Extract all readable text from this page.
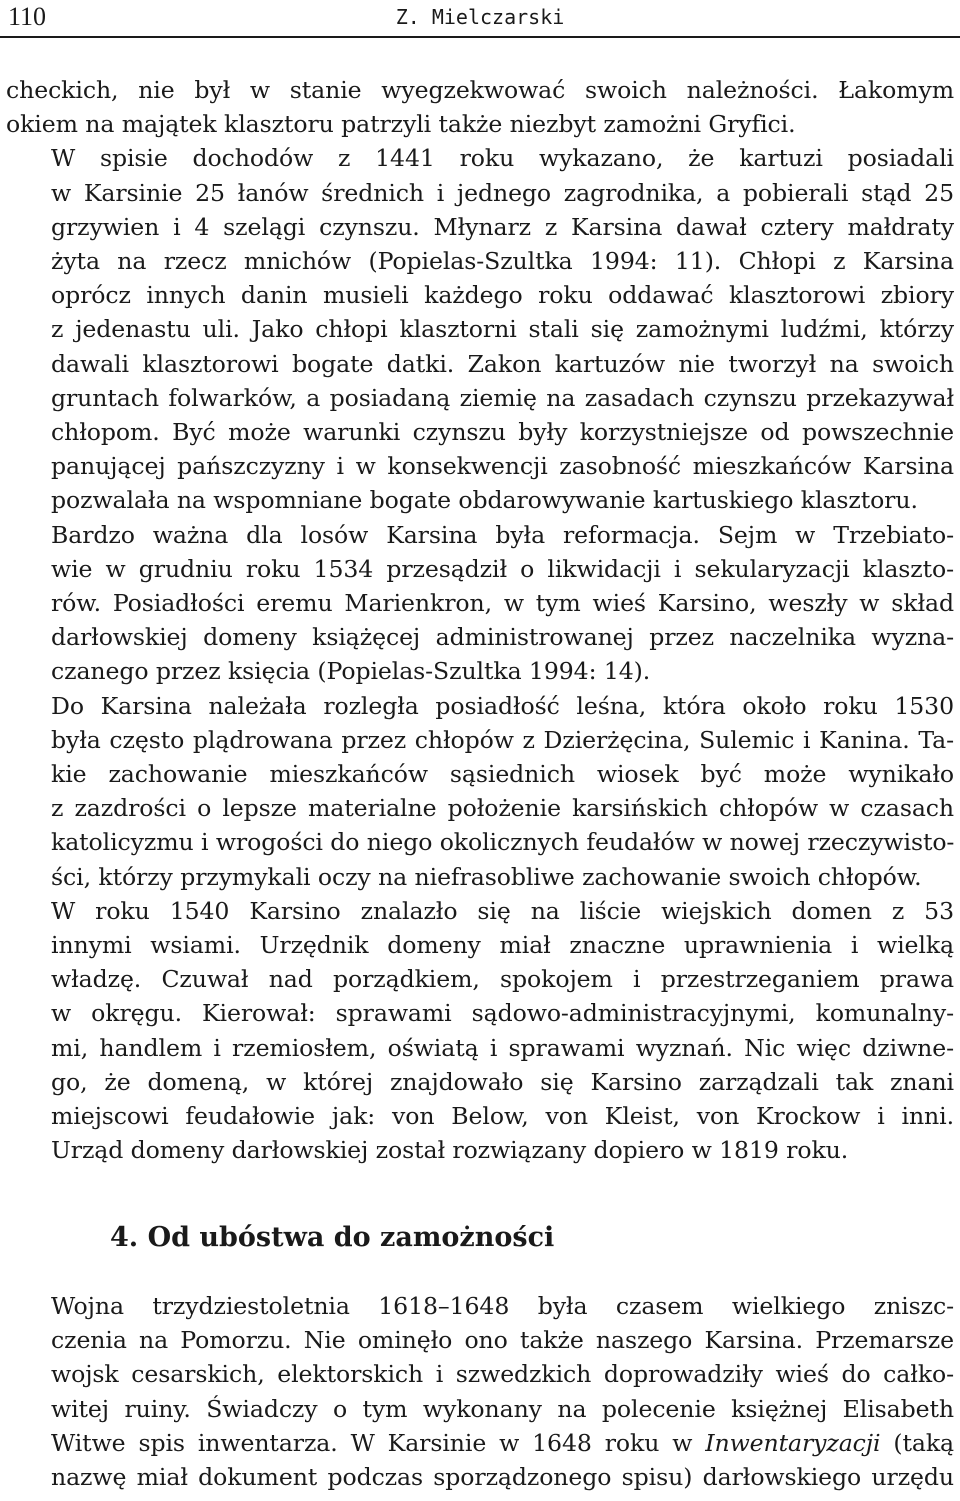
110	Z. Mielczarski

checkich, nie był w stanie wyegzekwować swoich należności. Łakomym
okiem na majątek klasztoru patrzyli także niezbyt zamożni Gryfici.

W spisie dochodów z 1441 roku wykazano, że kartuzi posiadali
w Karsinie 25 łanów średnich i jednego zagrodnika, a pobierali stąd 25
grzywien i 4 szelągi czynszu. Młynarz z Karsina dawał cztery małdraty
żyta na rzecz mnichów (Popielas-Szultka 1994: 11). Chłopi z Karsina
oprócz innych danin musieli każdego roku oddawać klasztorowi zbiory
z jedenastu uli. Jako chłopi klasztorni stali się zamożnymi ludźmi, którzy
dawali klasztorowi bogate datki. Zakon kartuzów nie tworzył na swoich
gruntach folwarków, a posiadaną ziemię na zasadach czynszu przekazywał
chłopom. Być może warunki czynszu były korzystniejsze od powszechnie
panującej pańszczyzny i w konsekwencji zasobność mieszkańców Karsina
pozwalała na wspomniane bogate obdarowywanie kartuskiego klasztoru.

Bardzo ważna dla losów Karsina była reformacja. Sejm w Trzebiato-
wie w grudniu roku 1534 przesądził o likwidacji i sekularyzacji klaszto-
rów. Posiadłości eremu Marienkron, w tym wieś Karsino, weszły w skład
darłowskiej domeny książęcej administrowanej przez naczelnika wyzna-
czanego przez księcia (Popielas-Szultka 1994: 14).

Do Karsina należała rozległa posiadłość leśna, która około roku 1530
była często plądrowana przez chłopów z Dzierżęcina, Sulemic i Kanina. Ta-
kie zachowanie mieszkańców sąsiednich wiosek być może wynikało
z zazdrości o lepsze materialne położenie karsińskich chłopów w czasach
katolicyzmu i wrogości do niego okolicznych feudałów w nowej rzeczywisto-
ści, którzy przymykali oczy na niefrasobliwe zachowanie swoich chłopów.

W roku 1540 Karsino znalazło się na liście wiejskich domen z 53
innymi wsiami. Urzędnik domeny miał znaczne uprawnienia i wielką
władzę. Czuwał nad porządkiem, spokojem i przestrzeganiem prawa
w okręgu. Kierował: sprawami sądowo-administracyjnymi, komunalny-
mi, handlem i rzemiosłem, oświatą i sprawami wyznań. Nic więc dziwne-
go, że domeną, w której znajdowało się Karsino zarządzali tak znani
miejscowi feudałowie jak: von Below, von Kleist, von Krockow i inni.
Urząd domeny darłowskiej został rozwiązany dopiero w 1819 roku.

4. Od ubóstwa do zamożności

Wojna trzydziestoletnia 1618–1648 była czasem wielkiego zniszc-
czenia na Pomorzu. Nie ominęło ono także naszego Karsina. Przemarsze
wojsk cesarskich, elektorskich i szwedzkich doprowadziły wieś do całko-
witej ruiny. Świadczy o tym wykonany na polecenie księżnej Elisabeth
Witwe spis inwentarza. W Karsinie w 1648 roku w Inwentaryzacji (taką
nazwę miał dokument podczas sporządzonego spisu) darłowskiego urzędu
